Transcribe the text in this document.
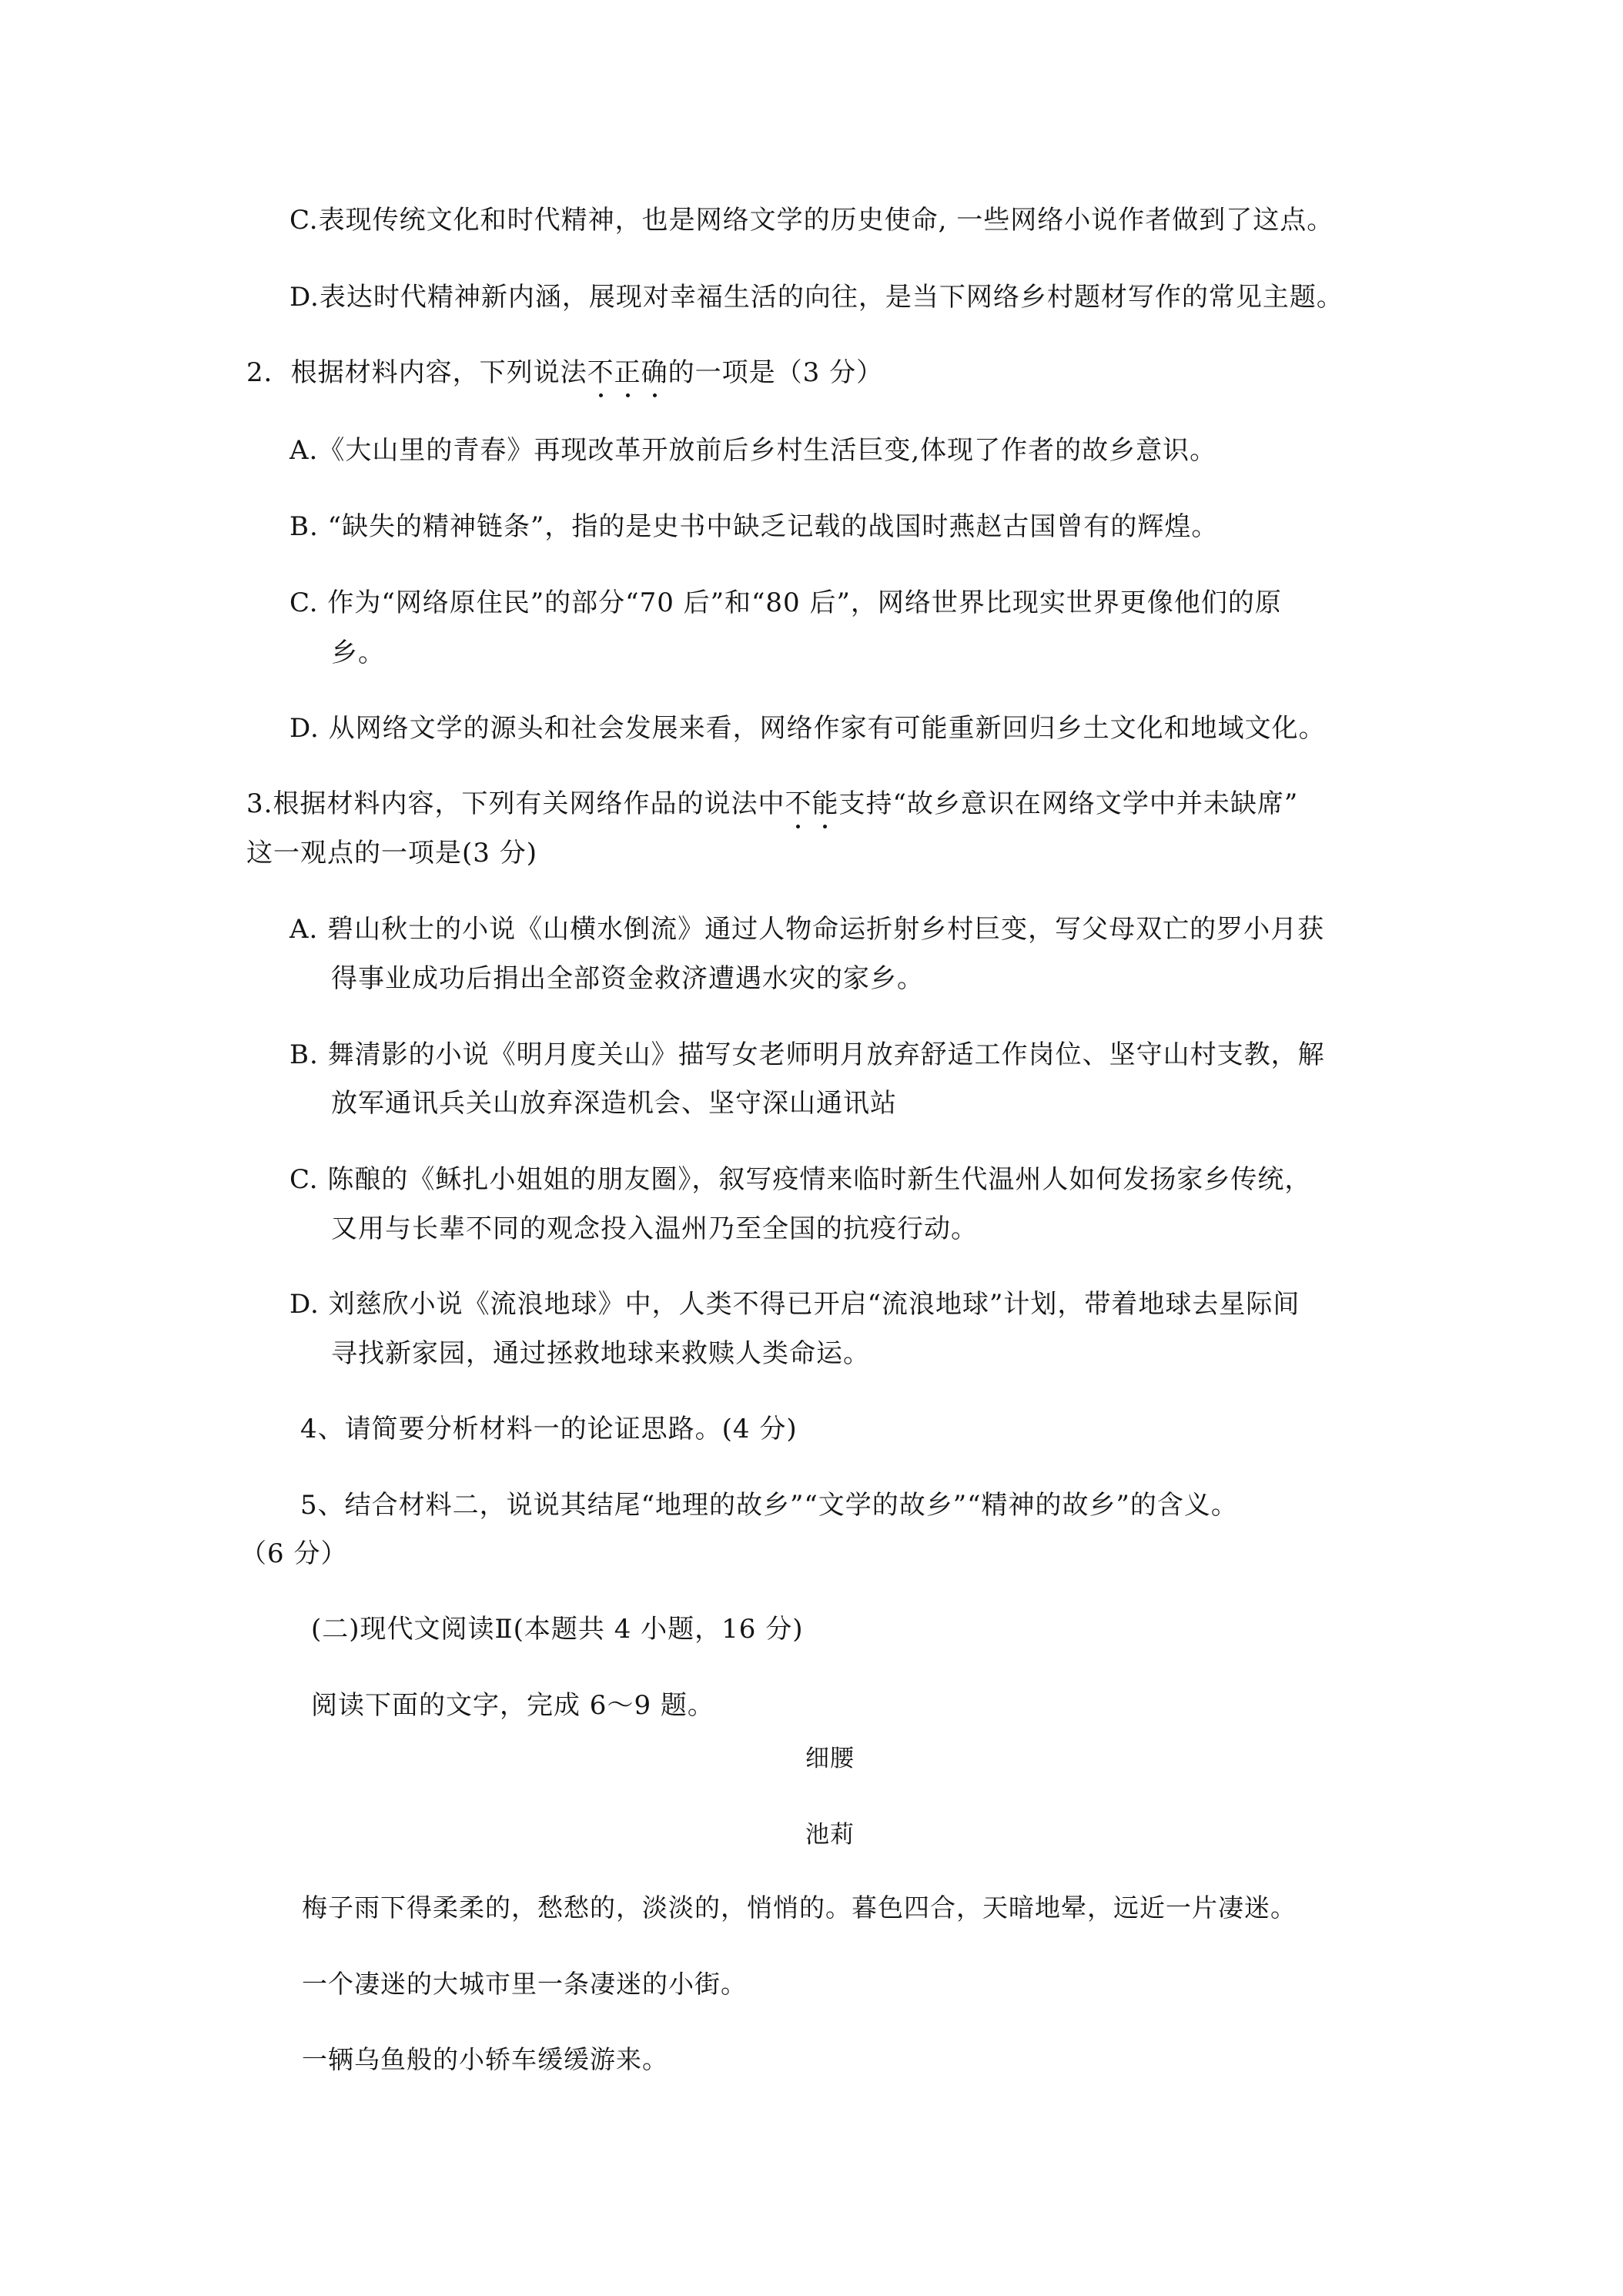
C.表现传统文化和时代精神，也是网络文学的历史使命, 一些网络小说作者做到了这点。
D.表达时代精神新内涵，展现对幸福生活的向往，是当下网络乡村题材写作的常见主题。
2．根据材料内容，下列说法不正确的一项是（3 分）
A.《大山里的青春》再现改革开放前后乡村生活巨变,体现了作者的故乡意识。
B. “缺失的精神链条”，指的是史书中缺乏记载的战国时燕赵古国曾有的辉煌。
C. 作为“网络原住民”的部分“70 后”和“80 后”，网络世界比现实世界更像他们的原
乡。
D. 从网络文学的源头和社会发展来看，网络作家有可能重新回归乡土文化和地域文化。
3.根据材料内容，下列有关网络作品的说法中不能支持“故乡意识在网络文学中并未缺席”
这一观点的一项是(3 分)
A. 碧山秋士的小说《山横水倒流》通过人物命运折射乡村巨变，写父母双亡的罗小月获
得事业成功后捐出全部资金救济遭遇水灾的家乡。
B. 舞清影的小说《明月度关山》描写女老师明月放弃舒适工作岗位、坚守山村支教，解
放军通讯兵关山放弃深造机会、坚守深山通讯站
C. 陈酿的《稣扎小姐姐的朋友圈》，叙写疫情来临时新生代温州人如何发扬家乡传统，
又用与长辈不同的观念投入温州乃至全国的抗疫行动。
D. 刘慈欣小说《流浪地球》中，人类不得已开启“流浪地球”计划，带着地球去星际间
寻找新家园，通过拯救地球来救赎人类命运。
4、请简要分析材料一的论证思路。(4 分)
5、结合材料二，说说其结尾“地理的故乡”“文学的故乡”“精神的故乡”的含义。
（6 分）
(二)现代文阅读Ⅱ(本题共 4 小题，16 分)
阅读下面的文字，完成 6～9 题。
细腰
池莉
梅子雨下得柔柔的，愁愁的，淡淡的，悄悄的。暮色四合，天暗地晕，远近一片凄迷。
一个凄迷的大城市里一条凄迷的小街。
一辆乌鱼般的小轿车缓缓游来。
